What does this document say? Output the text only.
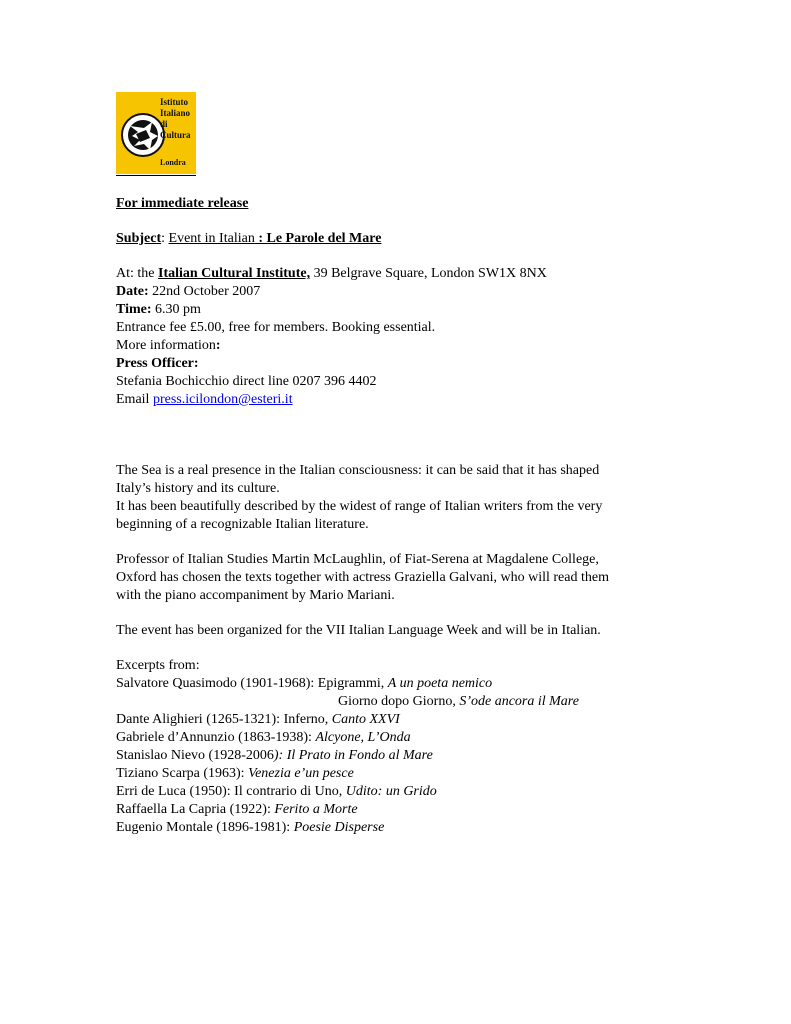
Istituto
Italiano
di
Cultura
Londra
For immediate release
Subject: Event in Italian : Le Parole del Mare
At: the Italian Cultural Institute, 39 Belgrave Square, London SW1X 8NX
Date: 22nd October 2007
Time: 6.30 pm
Entrance fee £5.00, free for members. Booking essential.
More information:
Press Officer:
Stefania Bochicchio direct line 0207 396 4402
Email press.icilondon@esteri.it
The Sea is a real presence in the Italian consciousness: it can be said that it has shaped
Italy’s history and its culture.
It has been beautifully described by the widest of range of Italian writers from the very
beginning of a recognizable Italian literature.
Professor of Italian Studies Martin McLaughlin, of Fiat-Serena at Magdalene College,
Oxford has chosen the texts together with actress Graziella Galvani, who will read them
with the piano accompaniment by Mario Mariani.
The event has been organized for the VII Italian Language Week and will be in Italian.
Excerpts from:
Salvatore Quasimodo (1901-1968): Epigrammi, A un poeta nemico
Giorno dopo Giorno, S’ode ancora il Mare
Dante Alighieri (1265-1321): Inferno, Canto XXVI
Gabriele d’Annunzio (1863-1938): Alcyone, L’Onda
Stanislao Nievo (1928-2006): Il Prato in Fondo al Mare
Tiziano Scarpa (1963): Venezia e’un pesce
Erri de Luca (1950): Il contrario di Uno, Udito: un Grido
Raffaella La Capria (1922): Ferito a Morte
Eugenio Montale (1896-1981): Poesie Disperse
